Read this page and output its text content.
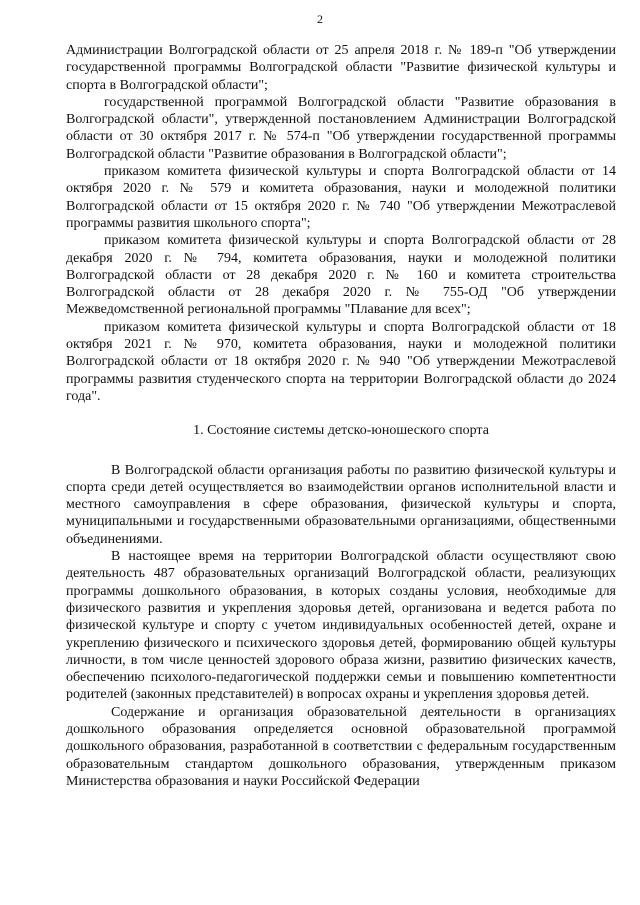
2

Администрации Волгоградской области от 25 апреля 2018 г. № 189-п "Об утверждении государственной программы Волгоградской области "Развитие физической культуры и спорта в Волгоградской области";

государственной программой Волгоградской области "Развитие образования в Волгоградской области", утвержденной постановлением Администрации Волгоградской области от 30 октября 2017 г. № 574-п "Об утверждении государственной программы Волгоградской области "Развитие образования в Волгоградской области";

приказом комитета физической культуры и спорта Волгоградской области от 14 октября 2020 г. № 579 и комитета образования, науки и молодежной политики Волгоградской области от 15 октября 2020 г. № 740 "Об утверждении Межотраслевой программы развития школьного спорта";

приказом комитета физической культуры и спорта Волгоградской области от 28 декабря 2020 г. № 794, комитета образования, науки и молодежной политики Волгоградской области от 28 декабря 2020 г. № 160 и комитета строительства Волгоградской области от 28 декабря 2020 г. № 755-ОД "Об утверждении Межведомственной региональной программы "Плавание для всех";

приказом комитета физической культуры и спорта Волгоградской области от 18 октября 2021 г. № 970, комитета образования, науки и молодежной политики Волгоградской области от 18 октября 2020 г. № 940 "Об утверждении Межотраслевой программы развития студенческого спорта на территории Волгоградской области до 2024 года".

1. Состояние системы детско-юношеского спорта

В Волгоградской области организация работы по развитию физической культуры и спорта среди детей осуществляется во взаимодействии органов исполнительной власти и местного самоуправления в сфере образования, физической культуры и спорта, муниципальными и государственными образовательными организациями, общественными объединениями.

В настоящее время на территории Волгоградской области осуществляют свою деятельность 487 образовательных организаций Волгоградской области, реализующих программы дошкольного образования, в которых созданы условия, необходимые для физического развития и укрепления здоровья детей, организована и ведется работа по физической культуре и спорту с учетом индивидуальных особенностей детей, охране и укреплению физического и психического здоровья детей, формированию общей культуры личности, в том числе ценностей здорового образа жизни, развитию физических качеств, обеспечению психолого-педагогической поддержки семьи и повышению компетентности родителей (законных представителей) в вопросах охраны и укрепления здоровья детей.

Содержание и организация образовательной деятельности в организациях дошкольного образования определяется основной образовательной программой дошкольного образования, разработанной в соответствии с федеральным государственным образовательным стандартом дошкольного образования, утвержденным приказом Министерства образования и науки Российской Федерации
